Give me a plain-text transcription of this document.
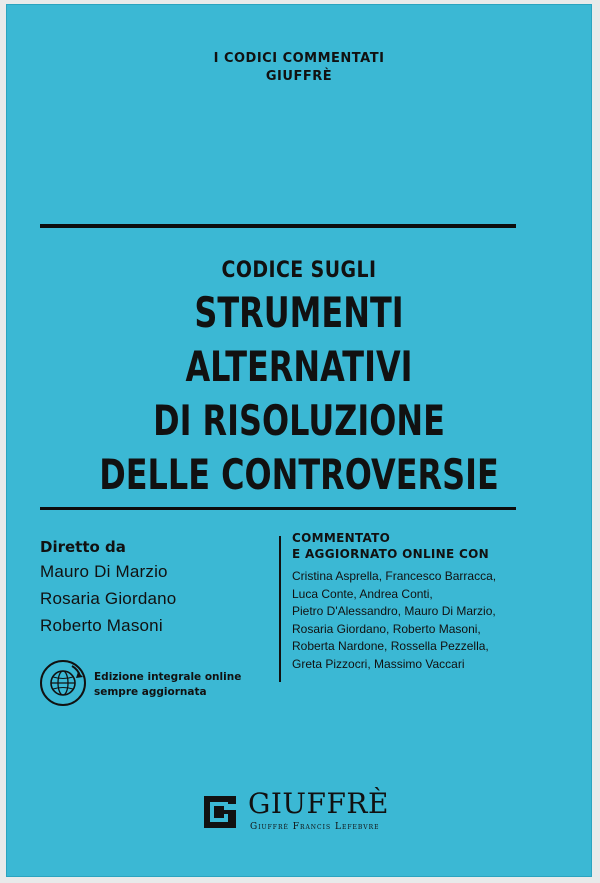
I CODICI COMMENTATI
GIUFFRÈ
CODICE SUGLI
STRUMENTI ALTERNATIVI
DI RISOLUZIONE
DELLE CONTROVERSIE
Diretto da
Mauro Di Marzio
Rosaria Giordano
Roberto Masoni
COMMENTATO
E AGGIORNATO ONLINE CON
Cristina Asprella, Francesco Barracca,
Luca Conte, Andrea Conti,
Pietro D'Alessandro, Mauro Di Marzio,
Rosaria Giordano, Roberto Masoni,
Roberta Nardone, Rossella Pezzella,
Greta Pizzocri, Massimo Vaccari
Edizione integrale online
sempre aggiornata
GIUFFRÈ
Giuffrè Francis Lefebvre
